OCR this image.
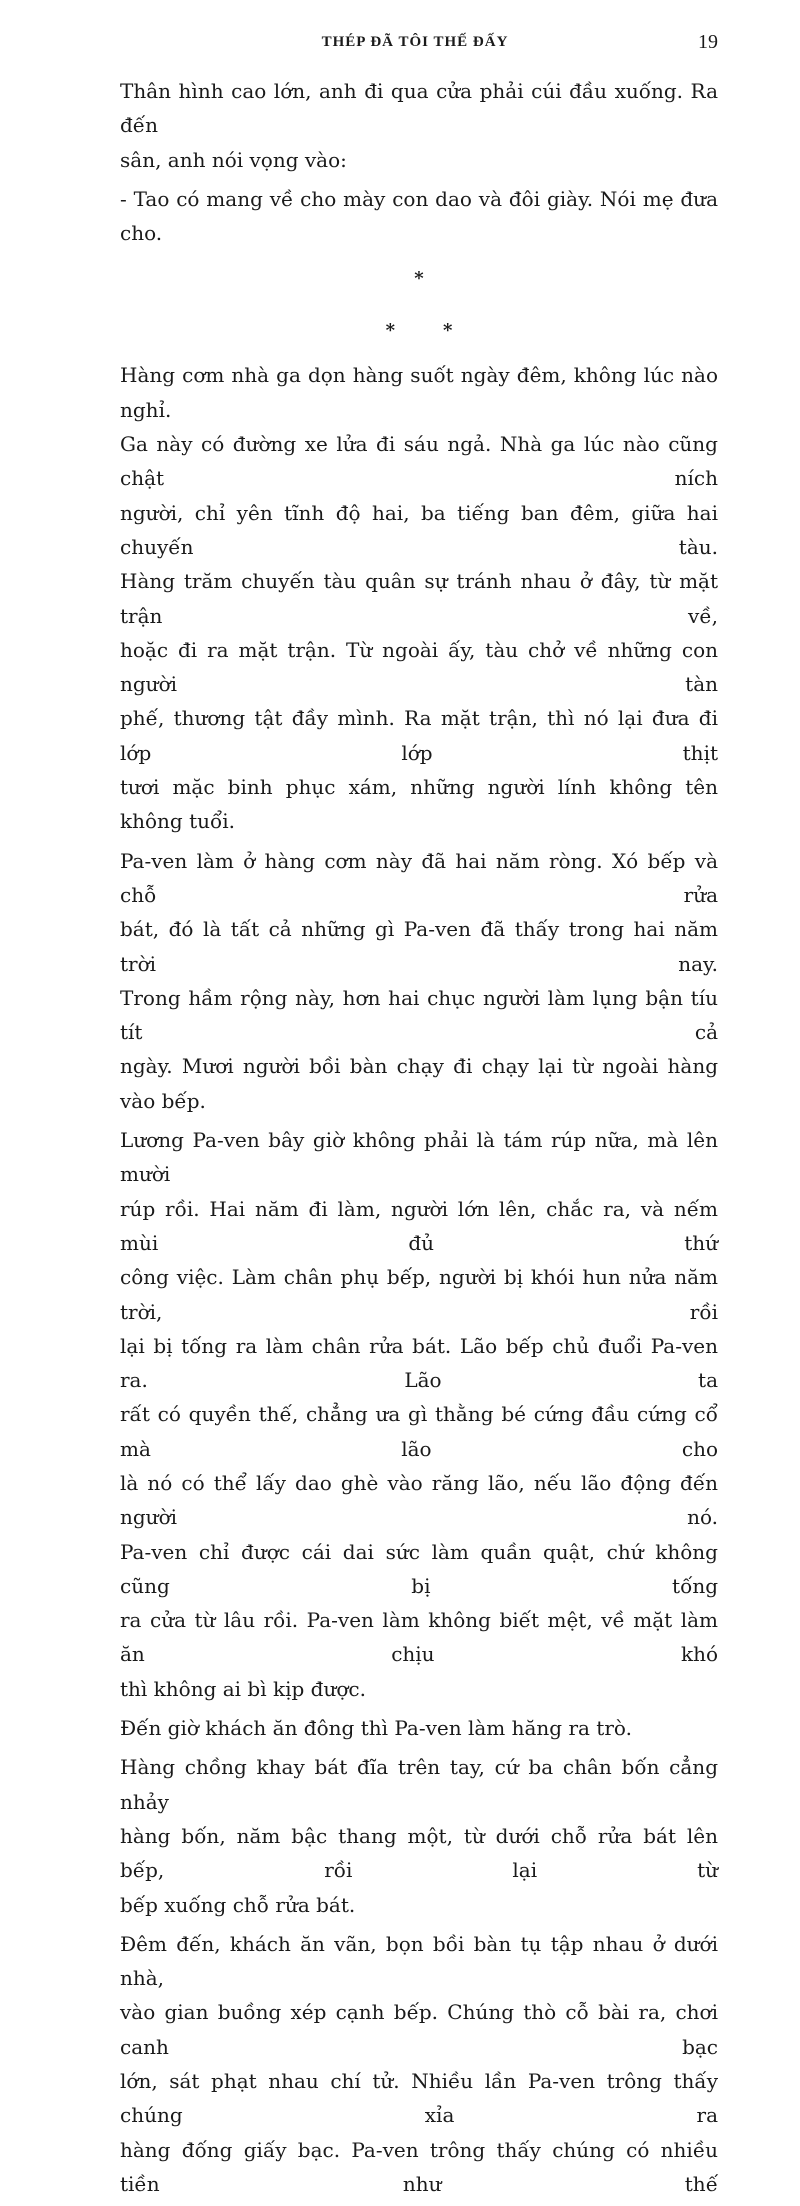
THÉP ĐÃ TÔI THẾ ĐẤY	19

Thân hình cao lớn, anh đi qua cửa phải cúi đầu xuống. Ra đến
sân, anh nói vọng vào:

- Tao có mang về cho mày con dao và đôi giày. Nói mẹ đưa cho.

*
*	*

Hàng cơm nhà ga dọn hàng suốt ngày đêm, không lúc nào nghỉ.
Ga này có đường xe lửa đi sáu ngả. Nhà ga lúc nào cũng chật ních
người, chỉ yên tĩnh độ hai, ba tiếng ban đêm, giữa hai chuyến tàu.
Hàng trăm chuyến tàu quân sự tránh nhau ở đây, từ mặt trận về,
hoặc đi ra mặt trận. Từ ngoài ấy, tàu chở về những con người tàn
phế, thương tật đầy mình. Ra mặt trận, thì nó lại đưa đi lớp lớp thịt
tươi mặc binh phục xám, những người lính không tên không tuổi.

Pa-ven làm ở hàng cơm này đã hai năm ròng. Xó bếp và chỗ rửa
bát, đó là tất cả những gì Pa-ven đã thấy trong hai năm trời nay.
Trong hầm rộng này, hơn hai chục người làm lụng bận tíu tít cả
ngày. Mươi người bồi bàn chạy đi chạy lại từ ngoài hàng vào bếp.

Lương Pa-ven bây giờ không phải là tám rúp nữa, mà lên mười
rúp rồi. Hai năm đi làm, người lớn lên, chắc ra, và nếm mùi đủ thứ
công việc. Làm chân phụ bếp, người bị khói hun nửa năm trời, rồi
lại bị tống ra làm chân rửa bát. Lão bếp chủ đuổi Pa-ven ra. Lão ta
rất có quyền thế, chẳng ưa gì thằng bé cứng đầu cứng cổ mà lão cho
là nó có thể lấy dao ghè vào răng lão, nếu lão động đến người nó.
Pa-ven chỉ được cái dai sức làm quần quật, chứ không cũng bị tống
ra cửa từ lâu rồi. Pa-ven làm không biết mệt, về mặt làm ăn chịu khó
thì không ai bì kịp được.

Đến giờ khách ăn đông thì Pa-ven làm hăng ra trò.

Hàng chồng khay bát đĩa trên tay, cứ ba chân bốn cẳng nhảy
hàng bốn, năm bậc thang một, từ dưới chỗ rửa bát lên bếp, rồi lại từ
bếp xuống chỗ rửa bát.

Đêm đến, khách ăn vãn, bọn bồi bàn tụ tập nhau ở dưới nhà,
vào gian buồng xép cạnh bếp. Chúng thò cỗ bài ra, chơi canh bạc
lớn, sát phạt nhau chí tử. Nhiều lần Pa-ven trông thấy chúng xỉa ra
hàng đống giấy bạc. Pa-ven trông thấy chúng có nhiều tiền như thế
